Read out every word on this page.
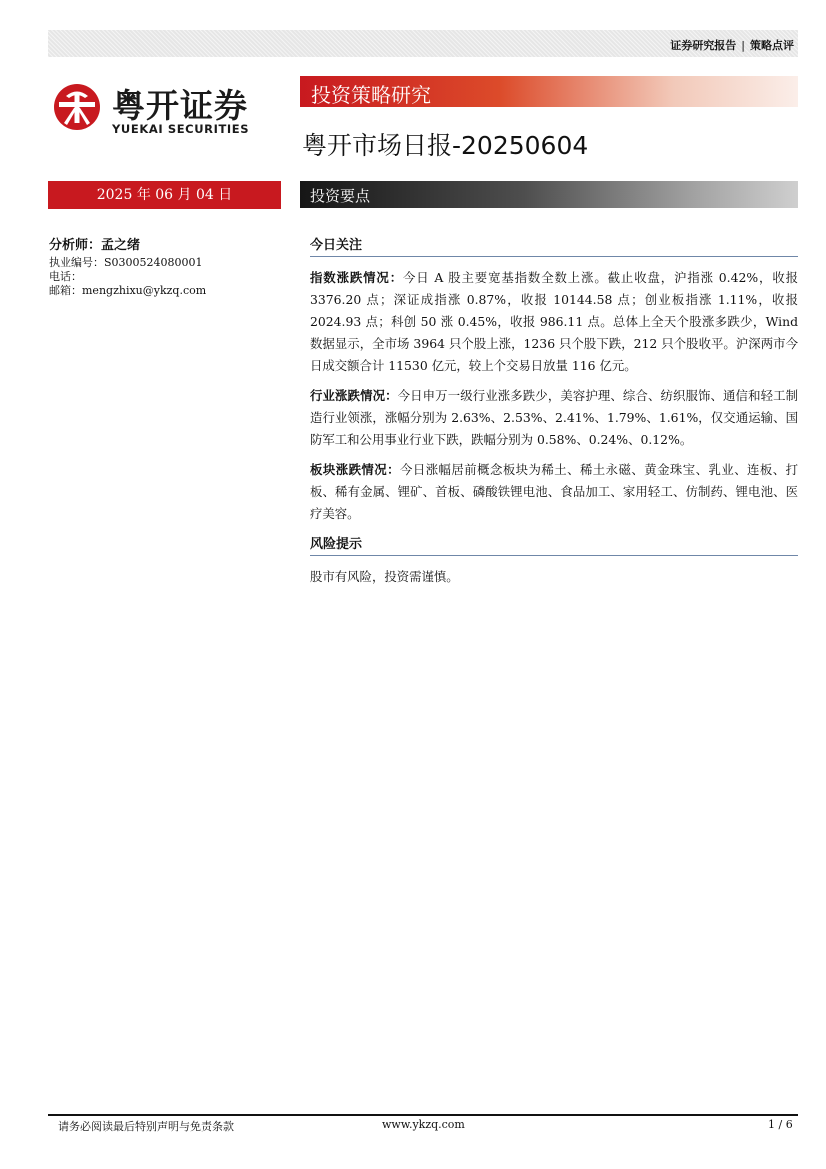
证券研究报告 | 策略点评
粤开证券
YUEKAI SECURITIES
投资策略研究
粤开市场日报-20250604
2025 年 06 月 04 日	投资要点
分析师：孟之绪
执业编号：S0300524080001
电话：
邮箱：mengzhixu@ykzq.com
今日关注

指数涨跌情况：今日 A 股主要宽基指数全数上涨。截止收盘，沪指涨 0.42%，收报 3376.20 点；深证成指涨 0.87%，收报 10144.58 点；创业板指涨 1.11%，收报 2024.93 点；科创 50 涨 0.45%，收报 986.11 点。总体上全天个股涨多跌少，Wind 数据显示，全市场 3964 只个股上涨，1236 只个股下跌，212 只个股收平。沪深两市今日成交额合计 11530 亿元，较上个交易日放量 116 亿元。

行业涨跌情况：今日申万一级行业涨多跌少，美容护理、综合、纺织服饰、通信和轻工制造行业领涨，涨幅分别为 2.63%、2.53%、2.41%、1.79%、1.61%，仅交通运输、国防军工和公用事业行业下跌，跌幅分别为 0.58%、0.24%、0.12%。

板块涨跌情况：今日涨幅居前概念板块为稀土、稀土永磁、黄金珠宝、乳业、连板、打板、稀有金属、锂矿、首板、磷酸铁锂电池、食品加工、家用轻工、仿制药、锂电池、医疗美容。

风险提示

股市有风险，投资需谨慎。

请务必阅读最后特别声明与免责条款	www.ykzq.com	1 / 6
